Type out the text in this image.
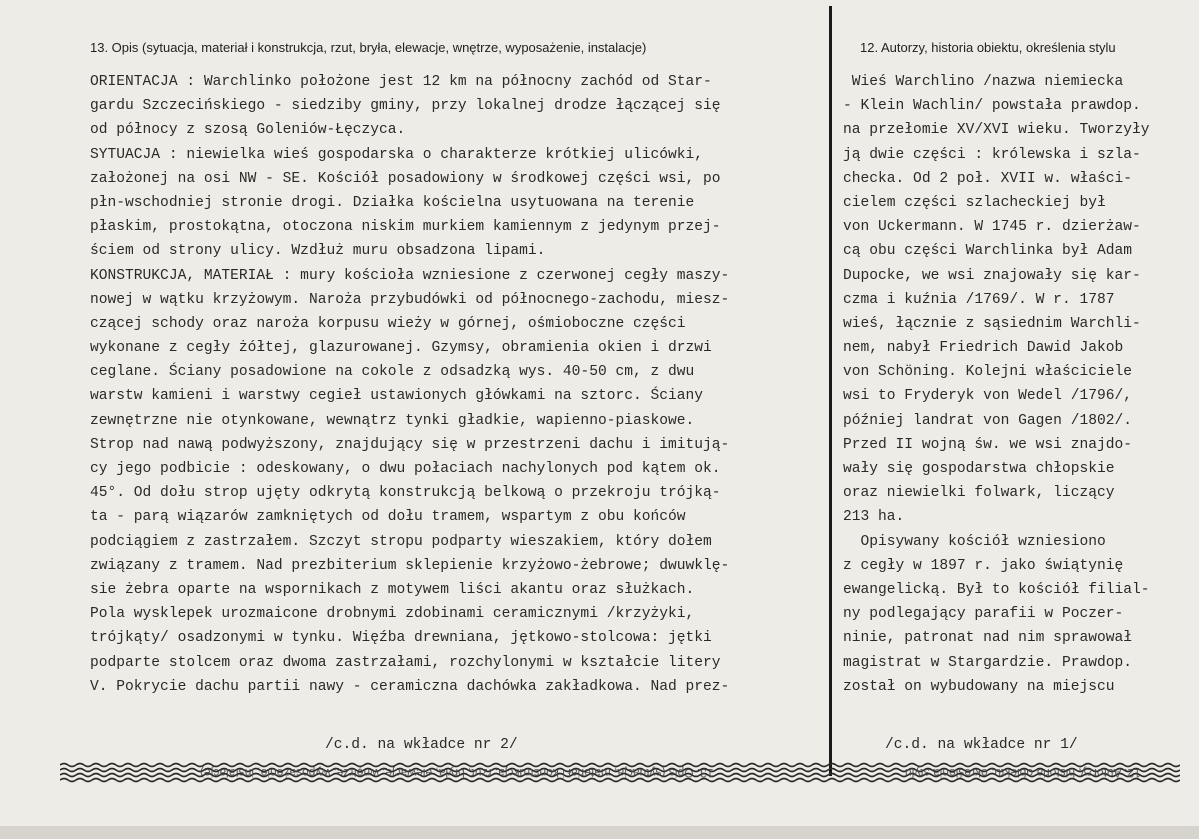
13. Opis (sytuacja, materiał i konstrukcja, rzut, bryła, elewacje, wnętrze, wyposażenie, instalacje)	12. Autorzy, historia obiektu, określenia stylu
ORIENTACJA : Warchlinko położone jest 12 km na północny zachód od Star-
gardu Szczecińskiego - siedziby gminy, przy lokalnej drodze łączącej się
od północy z szosą Goleniów-Łęczyca.
SYTUACJA : niewielka wieś gospodarska o charakterze krótkiej ulicówki,
założonej na osi NW - SE. Kościół posadowiony w środkowej części wsi, po
płn-wschodniej stronie drogi. Działka kościelna usytuowana na terenie
płaskim, prostokątna, otoczona niskim murkiem kamiennym z jedynym przej-
ściem od strony ulicy. Wzdłuż muru obsadzona lipami.
KONSTRUKCJA, MATERIAŁ : mury kościoła wzniesione z czerwonej cegły maszy-
nowej w wątku krzyżowym. Naroża przybudówki od północnego-zachodu, miesz-
czącej schody oraz naroża korpusu wieży w górnej, ośmioboczne części
wykonane z cegły żółtej, glazurowanej. Gzymsy, obramienia okien i drzwi
ceglane. Ściany posadowione na cokole z odsadzką wys. 40-50 cm, z dwu
warstw kamieni i warstwy cegieł ustawionych główkami na sztorc. Ściany
zewnętrzne nie otynkowane, wewnątrz tynki gładkie, wapienno-piaskowe.
Strop nad nawą podwyższony, znajdujący się w przestrzeni dachu i imitują-
cy jego podbicie : odeskowany, o dwu połaciach nachylonych pod kątem ok.
45°. Od dołu strop ujęty odkrytą konstrukcją belkową o przekroju trójką-
ta - parą wiązarów zamkniętych od dołu tramem, wspartym z obu końców
podciągiem z zastrzałem. Szczyt stropu podparty wieszakiem, który dołem
związany z tramem. Nad prezbiterium sklepienie krzyżowo-żebrowe; dwuwklę-
sie żebra oparte na wspornikach z motywem liści akantu oraz służkach.
Pola wysklepek urozmaicone drobnymi zdobinami ceramicznymi /krzyżyki,
trójkąty/ osadzonymi w tynku. Więźba drewniana, jętkowo-stolcowa: jętki
podparte stolcem oraz dwoma zastrzałami, rozchylonymi w kształcie litery
V. Pokrycie dachu partii nawy - ceramiczna dachówka zakładkowa. Nad prez-
Wieś Warchlino /nazwa niemiecka
- Klein Wachlin/ powstała prawdop.
na przełomie XV/XVI wieku. Tworzyły
ją dwie części : królewska i szla-
checka. Od 2 poł. XVII w. właści-
cielem części szlacheckiej był
von Uckermann. W 1745 r. dzierżaw-
cą obu części Warchlinka był Adam
Dupocke, we wsi znajowały się kar-
czma i kuźnia /1769/. W r. 1787
wieś, łącznie z sąsiednim Warchli-
nem, nabył Friedrich Dawid Jakob
von Schöning. Kolejni właściciele
wsi to Fryderyk von Wedel /1796/,
później landrat von Gagen /1802/.
Przed II wojną św. we wsi znajdo-
wały się gospodarstwa chłopskie
oraz niewielki folwark, liczący
213 ha.
Opisywany kościół wzniesiono
z cegły w 1897 r. jako świątynię
ewangelicką. Był to kościół filial-
ny podlegający parafii w Poczer-
ninie, patronat nad nim sprawował
magistrat w Stargardzie. Prawdop.
został on wybudowany na miejscu
/c.d. na wkładce nr 2/	/c.d. na wkładce nr 1/
13. Opis (sytuacja, materiał i konstrukcja, rzut, bryła, elewacje, wnętrze, wyposażenie, instalacje)	12. Autorzy, historia obiektu, określenia stylu
